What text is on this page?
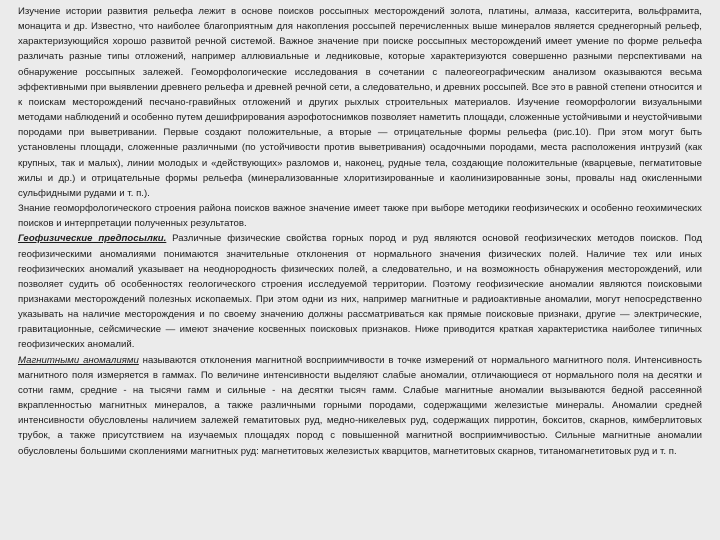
Изучение истории развития рельефа лежит в основе поисков россыпных месторождений золота, платины, алмаза, касситерита, вольфрамита, монацита и др. Известно, что наиболее благоприятным для накопления россыпей перечисленных выше минералов является среднегорный рельеф, характеризующийся хорошо развитой речной системой. Важное значение при поиске россыпных месторождений имеет умение по форме рельефа различать разные типы отложений, например аллювиальные и ледниковые, которые характеризуются совершенно разными перспективами на обнаружение россыпных залежей. Геоморфологические исследования в сочетании с палеогеографическим анализом оказываются весьма эффективными при выявлении древнего рельефа и древней речной сети, а следовательно, и древних россыпей. Все это в равной степени относится и к поискам месторождений песчано-гравийных отложений и других рыхлых строительных материалов. Изучение геоморфологии визуальными методами наблюдений и особенно путем дешифрирования аэрофотоснимков позволяет наметить площади, сложенные устойчивыми и неустойчивыми породами при выветривании. Первые создают положительные, а вторые — отрицательные формы рельефа (рис.10). При этом могут быть установлены площади, сложенные различными (по устойчивости против выветривания) осадочными породами, места расположения интрузий (как крупных, так и малых), линии молодых и «действующих» разломов и, наконец, рудные тела, создающие положительные (кварцевые, пегматитовые жилы и др.) и отрицательные формы рельефа (минерализованные хлоритизированные и каолинизированные зоны, провалы над окисленными сульфидными рудами и т. п.).

Знание геоморфологического строения района поисков важное значение имеет также при выборе методики геофизических и особенно геохимических поисков и интерпретации полученных результатов.

Геофизические предпосылки. Различные физические свойства горных пород и руд являются основой геофизических методов поисков. Под геофизическими аномалиями понимаются значительные отклонения от нормального значения физических полей. Наличие тех или иных геофизических аномалий указывает на неоднородность физических полей, а следовательно, и на возможность обнаружения месторождений, или позволяет судить об особенностях геологического строения исследуемой территории. Поэтому геофизические аномалии являются поисковыми признаками месторождений полезных ископаемых. При этом одни из них, например магнитные и радиоактивные аномалии, могут непосредственно указывать на наличие месторождения и по своему значению должны рассматриваться как прямые поисковые признаки, другие — электрические, гравитационные, сейсмические — имеют значение косвенных поисковых признаков. Ниже приводится краткая характеристика наиболее типичных геофизических аномалий.

Магнитными аномалиями называются отклонения магнитной восприимчивости в точке измерений от нормального магнитного поля. Интенсивность магнитного поля измеряется в гаммах. По величине интенсивности выделяют слабые аномалии, отличающиеся от нормального поля на десятки и сотни гамм, средние - на тысячи гамм и сильные - на десятки тысяч гамм. Слабые магнитные аномалии вызываются бедной рассеянной вкрапленностью магнитных минералов, а также различными горными породами, содержащими железистые минералы. Аномалии средней интенсивности обусловлены наличием залежей гематитовых руд, медно-никелевых руд, содержащих пирротин, бокситов, скарнов, кимберлитовых трубок, а также присутствием на изучаемых площадях пород с повышенной магнитной восприимчивостью. Сильные магнитные аномалии обусловлены большими скоплениями магнитных руд: магнетитовых железистых кварцитов, магнетитовых скарнов, титаномагнетитовых руд и т. п.
